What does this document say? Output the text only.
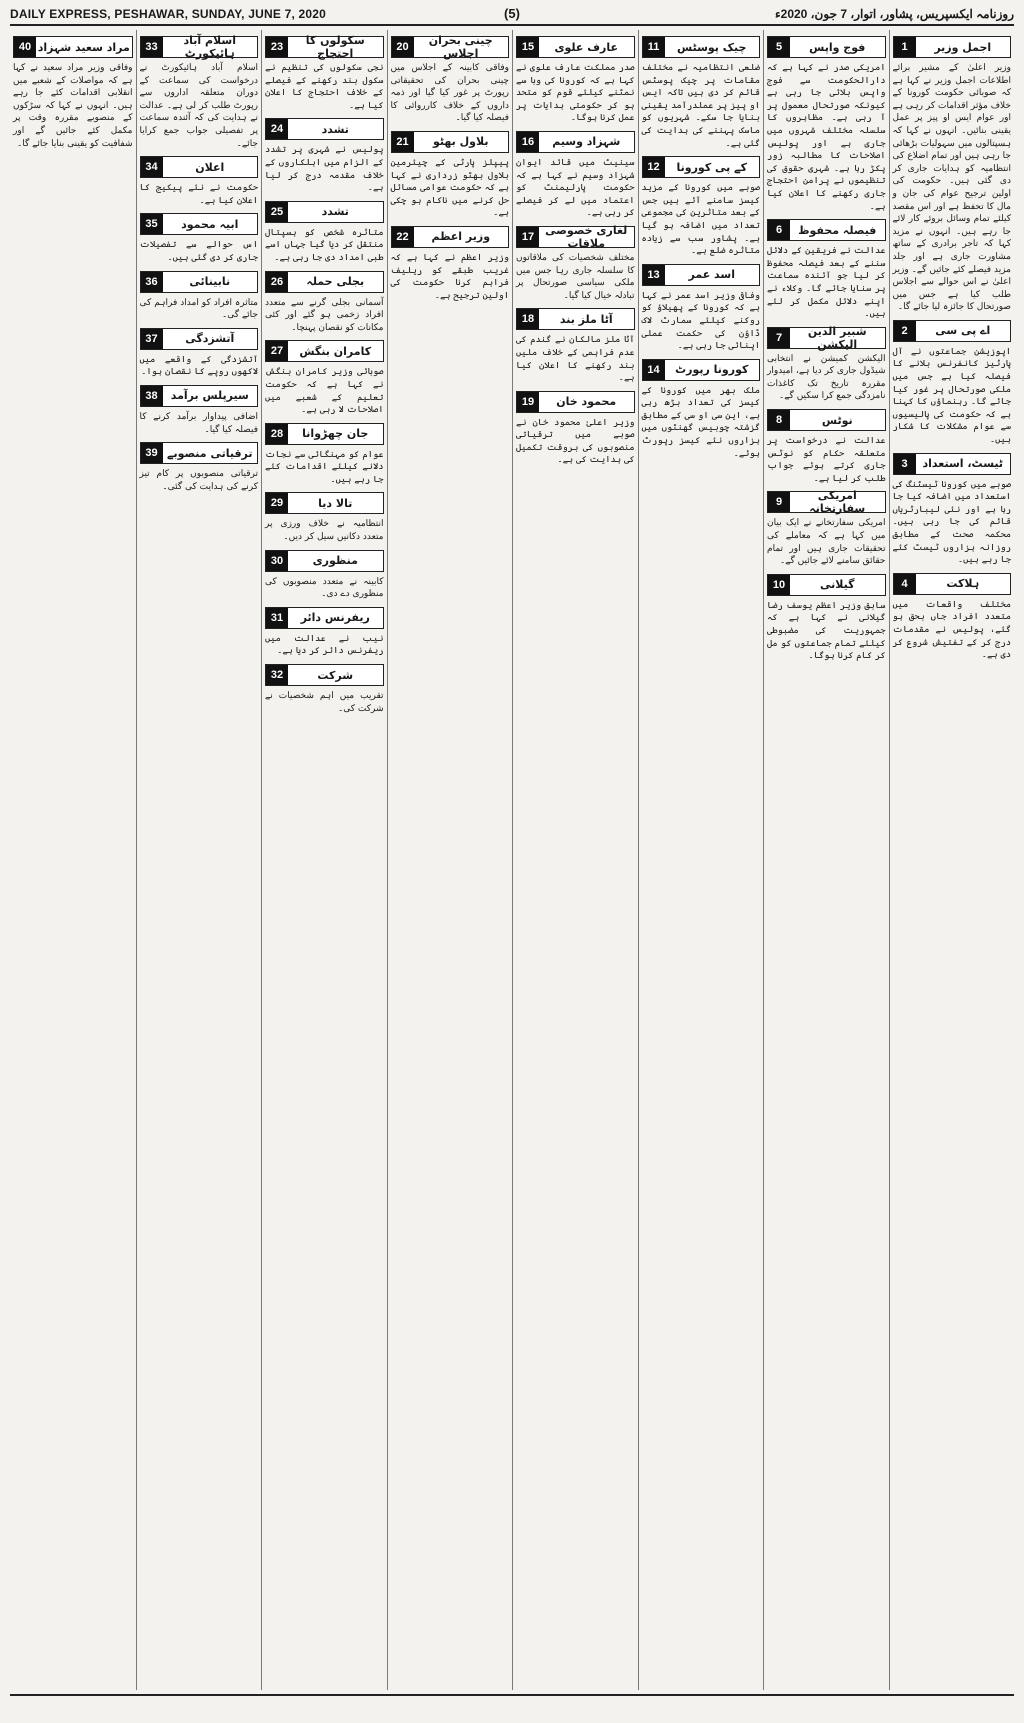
DAILY EXPRESS, PESHAWAR, SUNDAY, JUNE 7, 2020	(5)	روزنامہ ایکسپریس، پشاور، اتوار، 7 جون، 2020ء
اجمل وزیر
1

وزیر اعلیٰ کے مشیر برائے اطلاعات اجمل وزیر نے کہا ہے کہ صوبائی حکومت کورونا کے خلاف مؤثر اقدامات کر رہی ہے اور عوام ایس او پیز پر عمل یقینی بنائیں۔ انہوں نے کہا کہ ہسپتالوں میں سہولیات بڑھائی جا رہی ہیں اور تمام اضلاع کی انتظامیہ کو ہدایات جاری کر دی گئی ہیں۔ حکومت کی اولین ترجیح عوام کی جان و مال کا تحفظ ہے اور اس مقصد کیلئے تمام وسائل بروئے کار لائے جا رہے ہیں۔ انہوں نے مزید کہا کہ تاجر برادری کے ساتھ مشاورت جاری ہے اور جلد مزید فیصلے کئے جائیں گے۔ وزیر اعلیٰ نے اس حوالے سے اجلاس طلب کیا ہے جس میں صورتحال کا جائزہ لیا جائے گا۔

اے پی سی
2

اپوزیشن جماعتوں نے آل پارٹیز کانفرنس بلانے کا فیصلہ کیا ہے جس میں ملکی صورتحال پر غور کیا جائے گا۔ رہنماؤں کا کہنا ہے کہ حکومت کی پالیسیوں سے عوام مشکلات کا شکار ہیں۔

ٹیسٹ، استعداد
3

صوبے میں کورونا ٹیسٹنگ کی استعداد میں اضافہ کیا جا رہا ہے اور نئی لیبارٹریاں قائم کی جا رہی ہیں۔ محکمہ صحت کے مطابق روزانہ ہزاروں ٹیسٹ کئے جا رہے ہیں۔

ہلاکت
4

مختلف واقعات میں متعدد افراد جاں بحق ہو گئے، پولیس نے مقدمات درج کر کے تفتیش شروع کر دی ہے۔

فوج واپس
5

امریکی صدر نے کہا ہے کہ دارالحکومت سے فوج واپس بلائی جا رہی ہے کیونکہ صورتحال معمول پر آ رہی ہے۔ مظاہروں کا سلسلہ مختلف شہروں میں جاری ہے اور پولیس اصلاحات کا مطالبہ زور پکڑ رہا ہے۔ شہری حقوق کی تنظیموں نے پرامن احتجاج جاری رکھنے کا اعلان کیا ہے۔

فیصلہ محفوظ
6

عدالت نے فریقین کے دلائل سننے کے بعد فیصلہ محفوظ کر لیا جو آئندہ سماعت پر سنایا جائے گا۔ وکلاء نے اپنے دلائل مکمل کر لئے ہیں۔

شبیر الدین الیکشن
7

الیکشن کمیشن نے انتخابی شیڈول جاری کر دیا ہے، امیدوار مقررہ تاریخ تک کاغذات نامزدگی جمع کرا سکیں گے۔

نوٹس
8

عدالت نے درخواست پر متعلقہ حکام کو نوٹس جاری کرتے ہوئے جواب طلب کر لیا ہے۔

امریکی سفارتخانہ
9

امریکی سفارتخانے نے ایک بیان میں کہا ہے کہ معاملے کی تحقیقات جاری ہیں اور تمام حقائق سامنے لائے جائیں گے۔

گیلانی
10

سابق وزیر اعظم یوسف رضا گیلانی نے کہا ہے کہ جمہوریت کی مضبوطی کیلئے تمام جماعتوں کو مل کر کام کرنا ہوگا۔

چیک پوسٹس
11

ضلعی انتظامیہ نے مختلف مقامات پر چیک پوسٹس قائم کر دی ہیں تاکہ ایس او پیز پر عملدرآمد یقینی بنایا جا سکے۔ شہریوں کو ماسک پہننے کی ہدایت کی گئی ہے۔

کے پی کورونا
12

صوبے میں کورونا کے مزید کیسز سامنے آئے ہیں جس کے بعد متاثرین کی مجموعی تعداد میں اضافہ ہو گیا ہے۔ پشاور سب سے زیادہ متاثرہ ضلع ہے۔

اسد عمر
13

وفاقی وزیر اسد عمر نے کہا ہے کہ کورونا کے پھیلاؤ کو روکنے کیلئے سمارٹ لاک ڈاؤن کی حکمت عملی اپنائی جا رہی ہے۔

کورونا رپورٹ
14

ملک بھر میں کورونا کے کیسز کی تعداد بڑھ رہی ہے، این سی او سی کے مطابق گزشتہ چوبیس گھنٹوں میں ہزاروں نئے کیسز رپورٹ ہوئے۔

عارف علوی
15

صدر مملکت عارف علوی نے کہا ہے کہ کورونا کی وبا سے نمٹنے کیلئے قوم کو متحد ہو کر حکومتی ہدایات پر عمل کرنا ہوگا۔

شہزاد وسیم
16

سینیٹ میں قائد ایوان شہزاد وسیم نے کہا ہے کہ حکومت پارلیمنٹ کو اعتماد میں لے کر فیصلے کر رہی ہے۔

لغاری خصوصی ملاقات
17

مختلف شخصیات کی ملاقاتوں کا سلسلہ جاری رہا جس میں ملکی سیاسی صورتحال پر تبادلہ خیال کیا گیا۔

آٹا ملز بند
18

آٹا ملز مالکان نے گندم کی عدم فراہمی کے خلاف ملیں بند رکھنے کا اعلان کیا ہے۔

محمود خان
19

وزیر اعلیٰ محمود خان نے صوبے میں ترقیاتی منصوبوں کی بروقت تکمیل کی ہدایت کی ہے۔

چینی بحران اجلاس
20

وفاقی کابینہ کے اجلاس میں چینی بحران کی تحقیقاتی رپورٹ پر غور کیا گیا اور ذمہ داروں کے خلاف کارروائی کا فیصلہ کیا گیا۔

بلاول بھٹو
21

پیپلز پارٹی کے چیئرمین بلاول بھٹو زرداری نے کہا ہے کہ حکومت عوامی مسائل حل کرنے میں ناکام ہو چکی ہے۔

وزیر اعظم
22

وزیر اعظم نے کہا ہے کہ غریب طبقے کو ریلیف فراہم کرنا حکومت کی اولین ترجیح ہے۔

سکولوں کا احتجاج
23

نجی سکولوں کی تنظیم نے سکول بند رکھنے کے فیصلے کے خلاف احتجاج کا اعلان کیا ہے۔

تشدد
24

پولیس نے شہری پر تشدد کے الزام میں اہلکاروں کے خلاف مقدمہ درج کر لیا ہے۔

تشدد
25

متاثرہ شخص کو ہسپتال منتقل کر دیا گیا جہاں اسے طبی امداد دی جا رہی ہے۔

بجلی حملہ
26

آسمانی بجلی گرنے سے متعدد افراد زخمی ہو گئے اور کئی مکانات کو نقصان پہنچا۔

کامران بنگش
27

صوبائی وزیر کامران بنگش نے کہا ہے کہ حکومت تعلیم کے شعبے میں اصلاحات لا رہی ہے۔

جان چھڑوانا
28

عوام کو مہنگائی سے نجات دلانے کیلئے اقدامات کئے جا رہے ہیں۔

تالا دیا
29

انتظامیہ نے خلاف ورزی پر متعدد دکانیں سیل کر دیں۔

منظوری
30

کابینہ نے متعدد منصوبوں کی منظوری دے دی۔

ریفرنس دائر
31

نیب نے عدالت میں ریفرنس دائر کر دیا ہے۔

شرکت
32

تقریب میں اہم شخصیات نے شرکت کی۔

اسلام آباد ہائیکورٹ
33

اسلام آباد ہائیکورٹ نے درخواست کی سماعت کے دوران متعلقہ اداروں سے رپورٹ طلب کر لی ہے۔ عدالت نے ہدایت کی کہ آئندہ سماعت پر تفصیلی جواب جمع کرایا جائے۔

اعلان
34

حکومت نے نئے پیکیج کا اعلان کیا ہے۔

ابیہ محمود
35

اس حوالے سے تفصیلات جاری کر دی گئی ہیں۔

نابینائی
36

متاثرہ افراد کو امداد فراہم کی جائے گی۔

آتشزدگی
37

آتشزدگی کے واقعے میں لاکھوں روپے کا نقصان ہوا۔

سیرپلس برآمد
38

اضافی پیداوار برآمد کرنے کا فیصلہ کیا گیا۔

ترقیاتی منصوبے
39

ترقیاتی منصوبوں پر کام تیز کرنے کی ہدایت کی گئی۔

مراد سعید شہزاد
40

وفاقی وزیر مراد سعید نے کہا ہے کہ مواصلات کے شعبے میں انقلابی اقدامات کئے جا رہے ہیں۔ انہوں نے کہا کہ سڑکوں کے منصوبے مقررہ وقت پر مکمل کئے جائیں گے اور شفافیت کو یقینی بنایا جائے گا۔
